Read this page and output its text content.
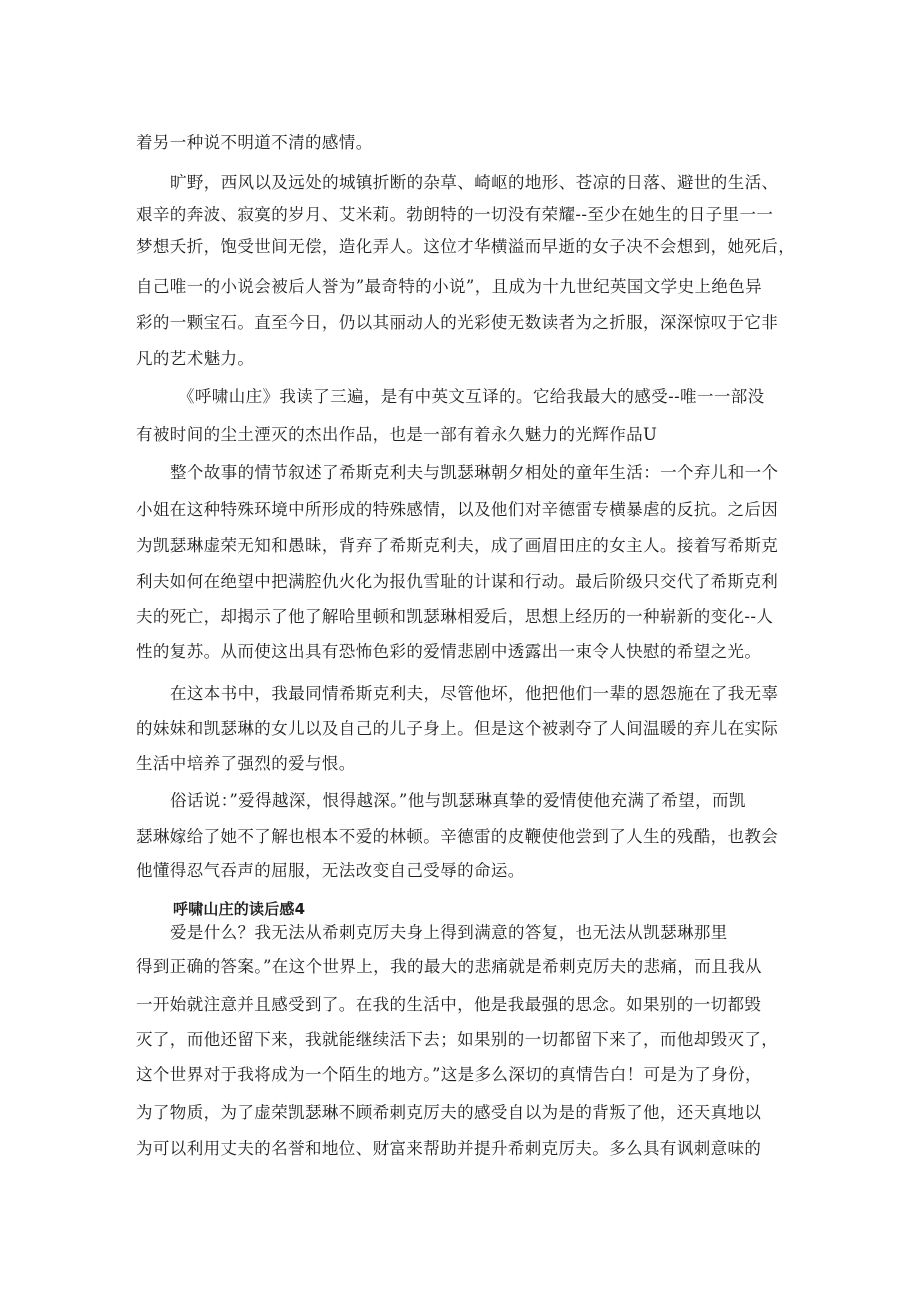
着另一种说不明道不清的感情。

旷野，西风以及远处的城镇折断的杂草、崎岖的地形、苍凉的日落、避世的生活、

艰辛的奔波、寂寞的岁月、艾米莉。勃朗特的一切没有荣耀--至少在她生的日子里一一

梦想夭折，饱受世间无偿，造化弄人。这位才华横溢而早逝的女子决不会想到，她死后，

自己唯一的小说会被后人誉为”最奇特的小说”，且成为十九世纪英国文学史上绝色异

彩的一颗宝石。直至今日，仍以其丽动人的光彩使无数读者为之折服，深深惊叹于它非

凡的艺术魅力。

《呼啸山庄》我读了三遍，是有中英文互译的。它给我最大的感受--唯一一部没

有被时间的尘土湮灭的杰出作品，也是一部有着永久魅力的光辉作品U

整个故事的情节叙述了希斯克利夫与凯瑟琳朝夕相处的童年生活：一个弃儿和一个

小姐在这种特殊环境中所形成的特殊感情，以及他们对辛德雷专横暴虐的反抗。之后因

为凯瑟琳虚荣无知和愚昧，背弃了希斯克利夫，成了画眉田庄的女主人。接着写希斯克

利夫如何在绝望中把满腔仇火化为报仇雪耻的计谋和行动。最后阶级只交代了希斯克利

夫的死亡，却揭示了他了解哈里顿和凯瑟琳相爱后，思想上经历的一种崭新的变化--人

性的复苏。从而使这出具有恐怖色彩的爱情悲剧中透露出一束令人快慰的希望之光。

在这本书中，我最同情希斯克利夫，尽管他坏，他把他们一辈的恩怨施在了我无辜

的妹妹和凯瑟琳的女儿以及自己的儿子身上。但是这个被剥夺了人间温暖的弃儿在实际

生活中培养了强烈的爱与恨。

俗话说：”爱得越深，恨得越深。”他与凯瑟琳真挚的爱情使他充满了希望，而凯

瑟琳嫁给了她不了解也根本不爱的林顿。辛德雷的皮鞭使他尝到了人生的残酷，也教会

他懂得忍气吞声的屈服，无法改变自己受辱的命运。

呼啸山庄的读后感4

爱是什么？我无法从希刺克厉夫身上得到满意的答复，也无法从凯瑟琳那里

得到正确的答案。”在这个世界上，我的最大的悲痛就是希刺克厉夫的悲痛，而且我从

一开始就注意并且感受到了。在我的生活中，他是我最强的思念。如果别的一切都毁

灭了，而他还留下来，我就能继续活下去；如果别的一切都留下来了，而他却毁灭了，

这个世界对于我将成为一个陌生的地方。”这是多么深切的真情告白！可是为了身份，

为了物质，为了虚荣凯瑟琳不顾希刺克厉夫的感受自以为是的背叛了他，还天真地以

为可以利用丈夫的名誉和地位、财富来帮助并提升希刺克厉夫。多么具有讽刺意味的
